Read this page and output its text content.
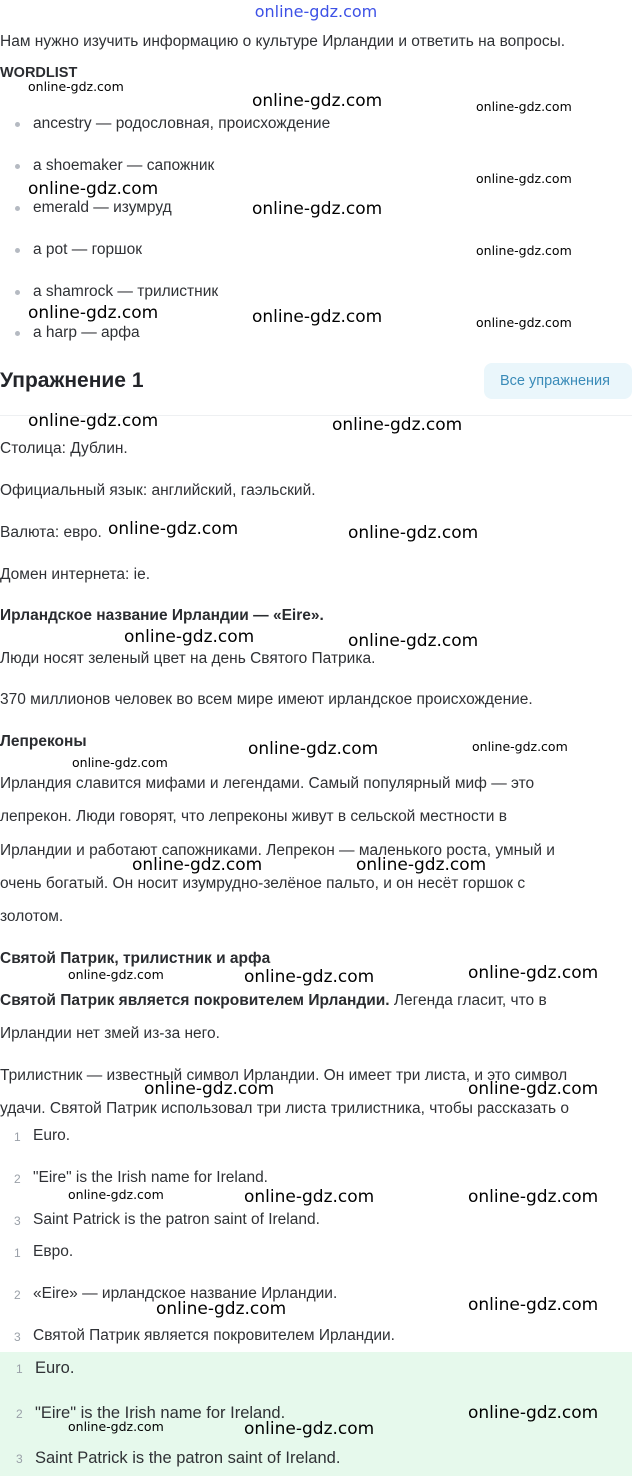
online-gdz.com
Нам нужно изучить информацию о культуре Ирландии и ответить на вопросы.
WORDLIST
ancestry — родословная, происхождение
a shoemaker — сапожник
emerald — изумруд
a pot — горшок
a shamrock — трилистник
a harp — арфа
Упражнение 1	Все упражнения
Столица: Дублин.
Официальный язык: английский, гаэльский.
Валюта: евро.
Домен интернета: ie.
Ирландское название Ирландии — «Eire».
Люди носят зеленый цвет на день Святого Патрика.
370 миллионов человек во всем мире имеют ирландское происхождение.
Лепреконы
Ирландия славится мифами и легендами. Самый популярный миф — это
лепрекон. Люди говорят, что лепреконы живут в сельской местности в
Ирландии и работают сапожниками. Лепрекон — маленького роста, умный и
очень богатый. Он носит изумрудно-зелёное пальто, и он несёт горшок с
золотом.
Святой Патрик, трилистник и арфа
Святой Патрик является покровителем Ирландии. Легенда гласит, что в
Ирландии нет змей из-за него.
Трилистник — известный символ Ирландии. Он имеет три листа, и это символ
удачи. Святой Патрик использовал три листа трилистника, чтобы рассказать о
1 Euro.
2 "Eire" is the Irish name for Ireland.
3 Saint Patrick is the patron saint of Ireland.
1 Евро.
2 «Eire» — ирландское название Ирландии.
3 Святой Патрик является покровителем Ирландии.
1 Euro.
2 "Eire" is the Irish name for Ireland.
3 Saint Patrick is the patron saint of Ireland.
online-gdz.com
online-gdz.com	online-gdz.com
online-gdz.com
online-gdz.com
online-gdz.com
online-gdz.com
online-gdz.com	online-gdz.com	online-gdz.com
online-gdz.com	online-gdz.com
online-gdz.com	online-gdz.com
online-gdz.com	online-gdz.com
online-gdz.com	online-gdz.com
online-gdz.com
online-gdz.com	online-gdz.com
online-gdz.com	online-gdz.com	online-gdz.com
online-gdz.com	online-gdz.com
online-gdz.com	online-gdz.com	online-gdz.com
online-gdz.com	online-gdz.com
online-gdz.com	online-gdz.com
online-gdz.com
